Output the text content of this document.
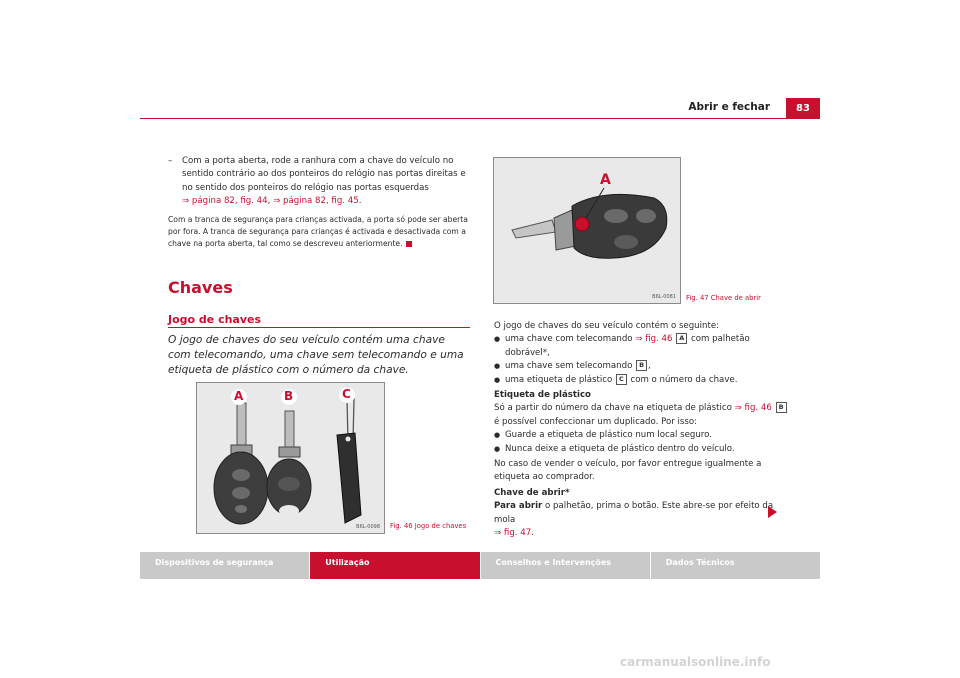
Abrir e fechar	83
– Com a porta aberta, rode a ranhura com a chave do veículo no sentido contrário ao dos ponteiros do relógio nas portas direitas e no sentido dos ponteiros do relógio nas portas esquerdas
⇒ página 82, fig. 44, ⇒ página 82, fig. 45.
Com a tranca de segurança para crianças activada, a porta só pode ser aberta por fora. A tranca de segurança para crianças é activada e desactivada com a chave na porta aberta, tal como se descreveu anteriormente.
Chaves
Jogo de chaves
O jogo de chaves do seu veículo contém uma chave com telecomando, uma chave sem telecomando e uma etiqueta de plástico com o número da chave.
A	B	C
B6L-0098 Fig. 46 Jogo de chaves
A
B6L-0081 Fig. 47 Chave de abrir
O jogo de chaves do seu veículo contém o seguinte:
● uma chave com telecomando ⇒ fig. 46 A com palhetão dobrável*,
● uma chave sem telecomando B ,
● uma etiqueta de plástico C com o número da chave.
Etiqueta de plástico
Só a partir do número da chave na etiqueta de plástico ⇒ fig. 46 B é possível confeccionar um duplicado. Por isso:
● Guarde a etiqueta de plástico num local seguro.
● Nunca deixe a etiqueta de plástico dentro do veículo.
No caso de vender o veículo, por favor entregue igualmente a etiqueta ao comprador.
Chave de abrir*
Para abrir o palhetão, prima o botão. Este abre-se por efeito da mola
⇒ fig. 47.
Dispositivos de segurança	Utilização	Conselhos e Intervenções	Dados Técnicos
carmanualsonline.info
